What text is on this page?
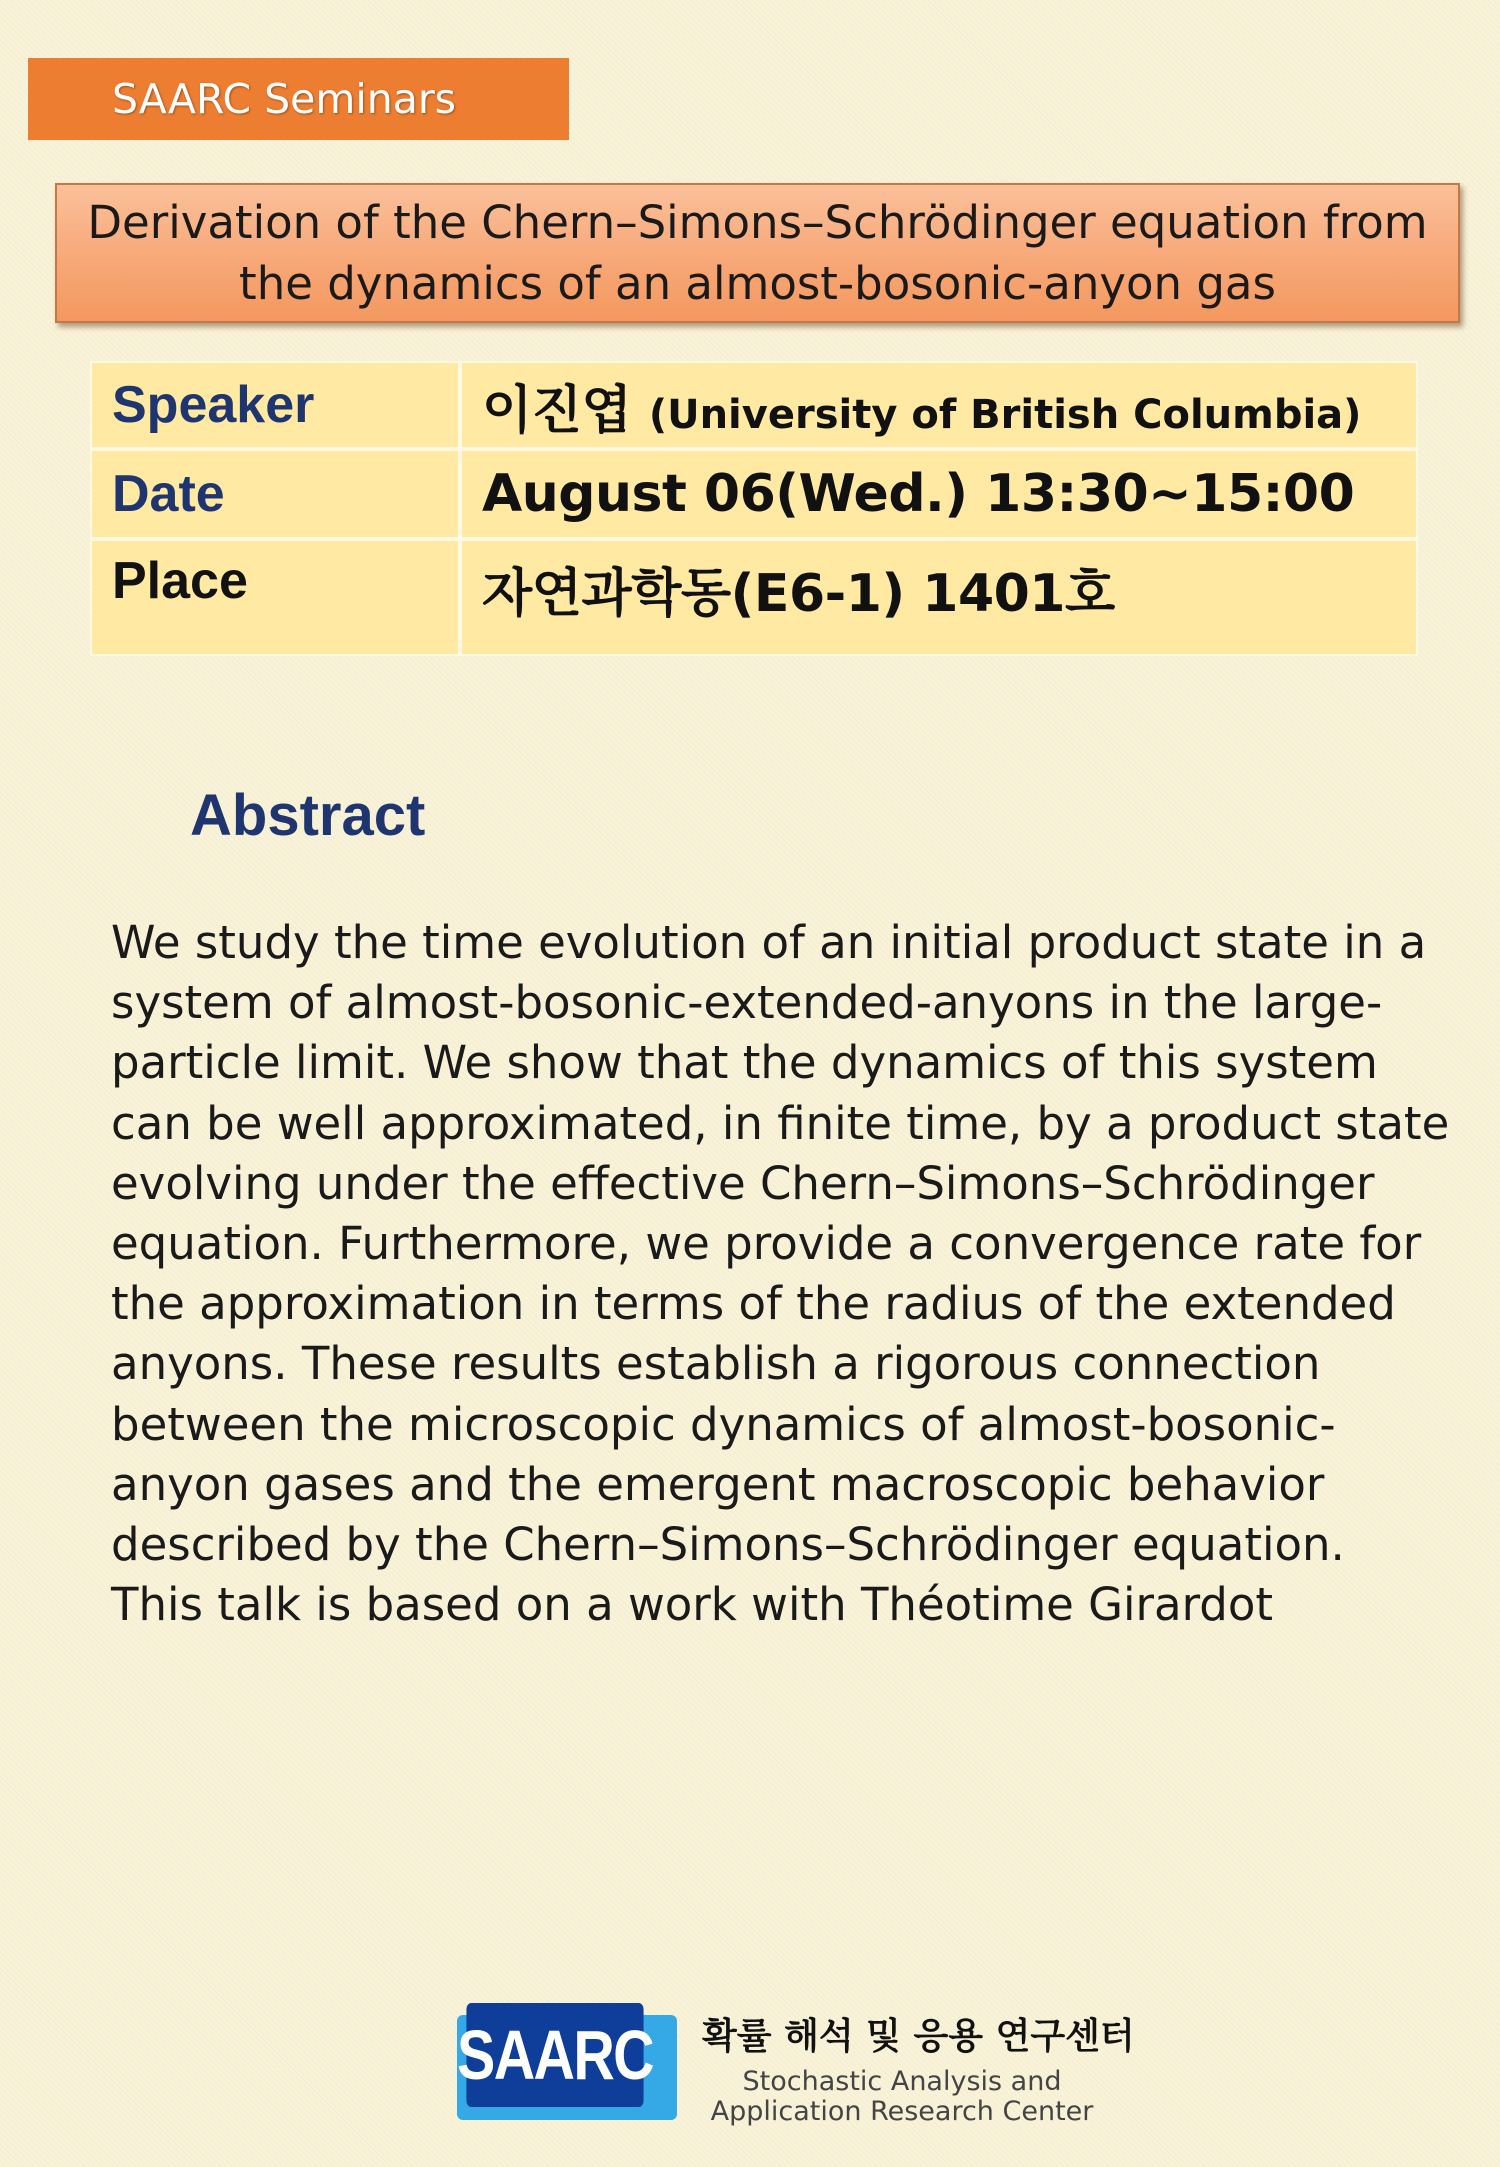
SAARC Seminars
Derivation of the Chern–Simons–Schrödinger equation from
the dynamics of an almost-bosonic-anyon gas
Speaker	이진엽 (University of British Columbia)
Date	August 06(Wed.) 13:30~15:00
Place	자연과학동(E6-1) 1401호
Abstract

We study the time evolution of an initial product state in a system of almost-bosonic-extended-anyons in the large-particle limit. We show that the dynamics of this system can be well approximated, in finite time, by a product state evolving under the effective Chern–Simons–Schrödinger equation. Furthermore, we provide a convergence rate for the approximation in terms of the radius of the extended anyons. These results establish a rigorous connection between the microscopic dynamics of almost-bosonic-anyon gases and the emergent macroscopic behavior described by the Chern–Simons–Schrödinger equation.

This talk is based on a work with Théotime Girardot

SAARC 확률 해석 및 응용 연구센터
Stochastic Analysis and
Application Research Center
